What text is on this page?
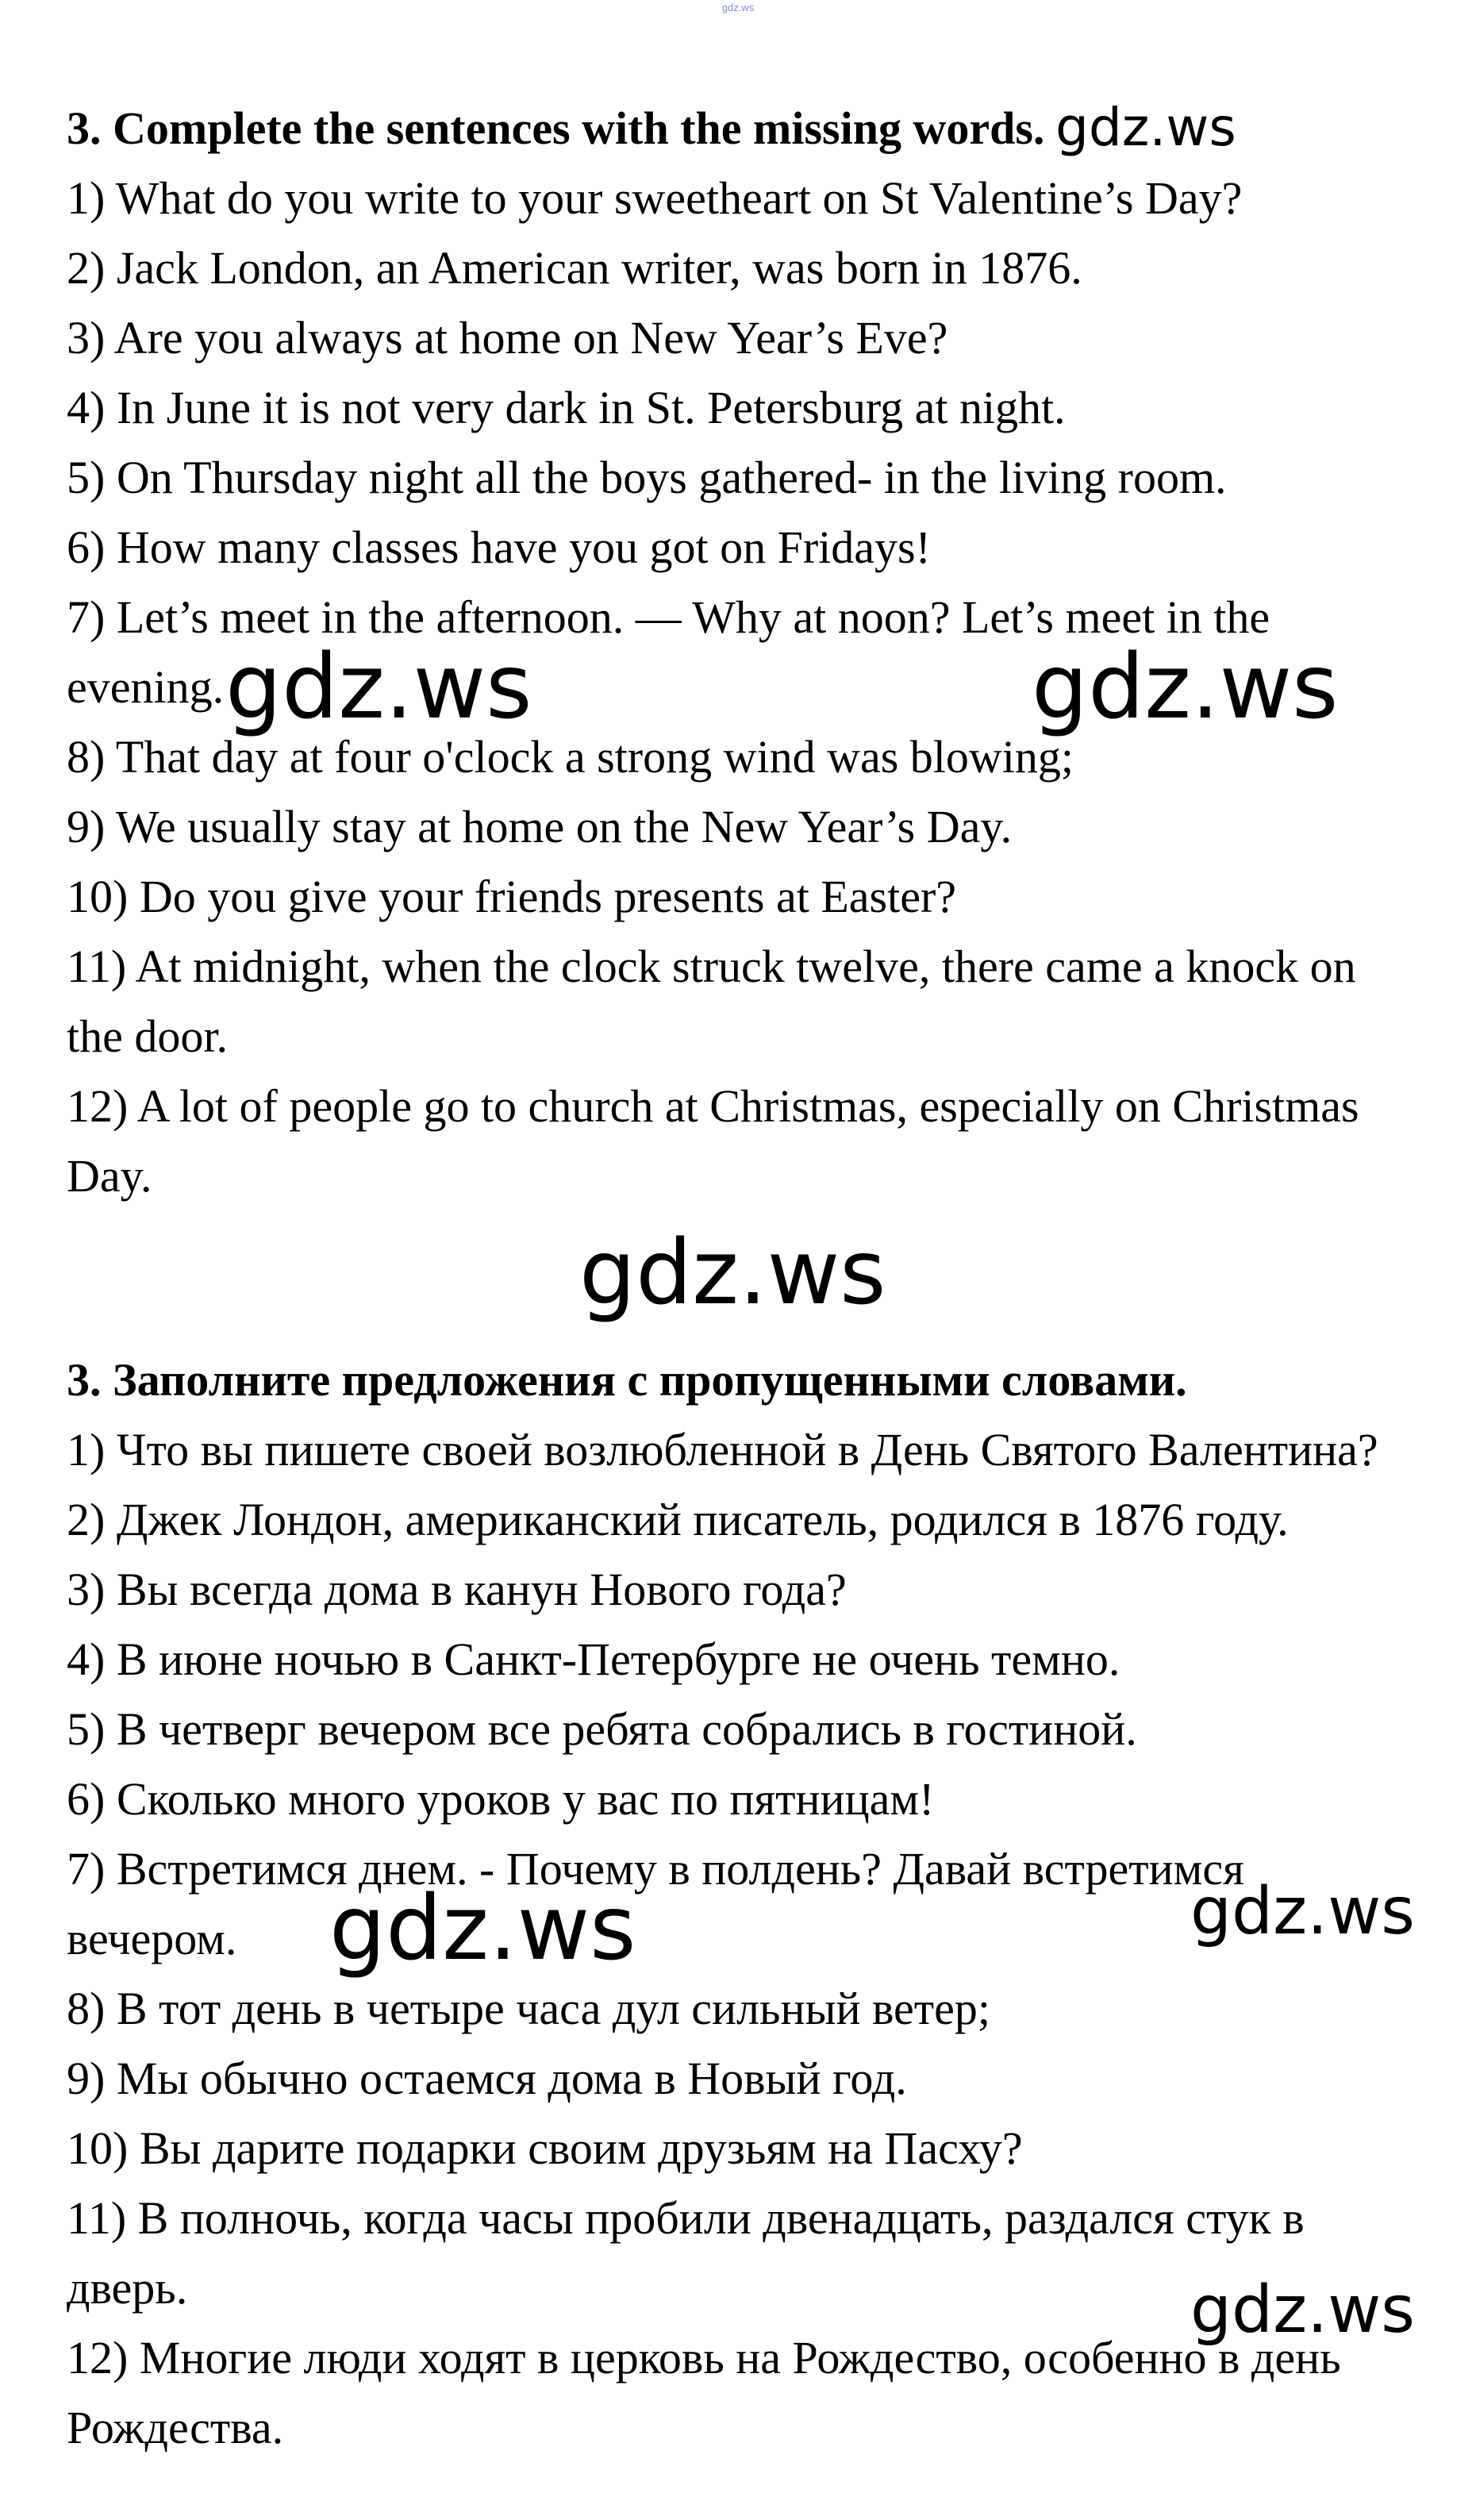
gdz.ws

3. Complete the sentences with the missing words.

1) What do you write to your sweetheart on St Valentine’s Day?

2) Jack London, an American writer, was born in 1876.

3) Are you always at home on New Year’s Eve?

4) In June it is not very dark in St. Petersburg at night.

5) On Thursday night all the boys gathered- in the living room.

6) How many classes have you got on Fridays!

7) Let’s meet in the afternoon. — Why at noon? Let’s meet in the

evening.

8) That day at four o'clock a strong wind was blowing;

9) We usually stay at home on the New Year’s Day.

10) Do you give your friends presents at Easter?

11) At midnight, when the clock struck twelve, there came a knock on

the door.

12) A lot of people go to church at Christmas, especially on Christmas

Day.

3. Заполните предложения с пропущенными словами.

1) Что вы пишете своей возлюбленной в День Святого Валентина?

2) Джек Лондон, американский писатель, родился в 1876 году.

3) Вы всегда дома в канун Нового года?

4) В июне ночью в Санкт-Петербурге не очень темно.

5) В четверг вечером все ребята собрались в гостиной.

6) Сколько много уроков у вас по пятницам!

7) Встретимся днем. - Почему в полдень? Давай встретимся

вечером.

8) В тот день в четыре часа дул сильный ветер;

9) Мы обычно остаемся дома в Новый год.

10) Вы дарите подарки своим друзьям на Пасху?

11) В полночь, когда часы пробили двенадцать, раздался стук в

дверь.

12) Многие люди ходят в церковь на Рождество, особенно в день

Рождества.

gdz.ws
gdz.ws	gdz.ws
gdz.ws
gdz.ws	gdz.ws
gdz.ws
